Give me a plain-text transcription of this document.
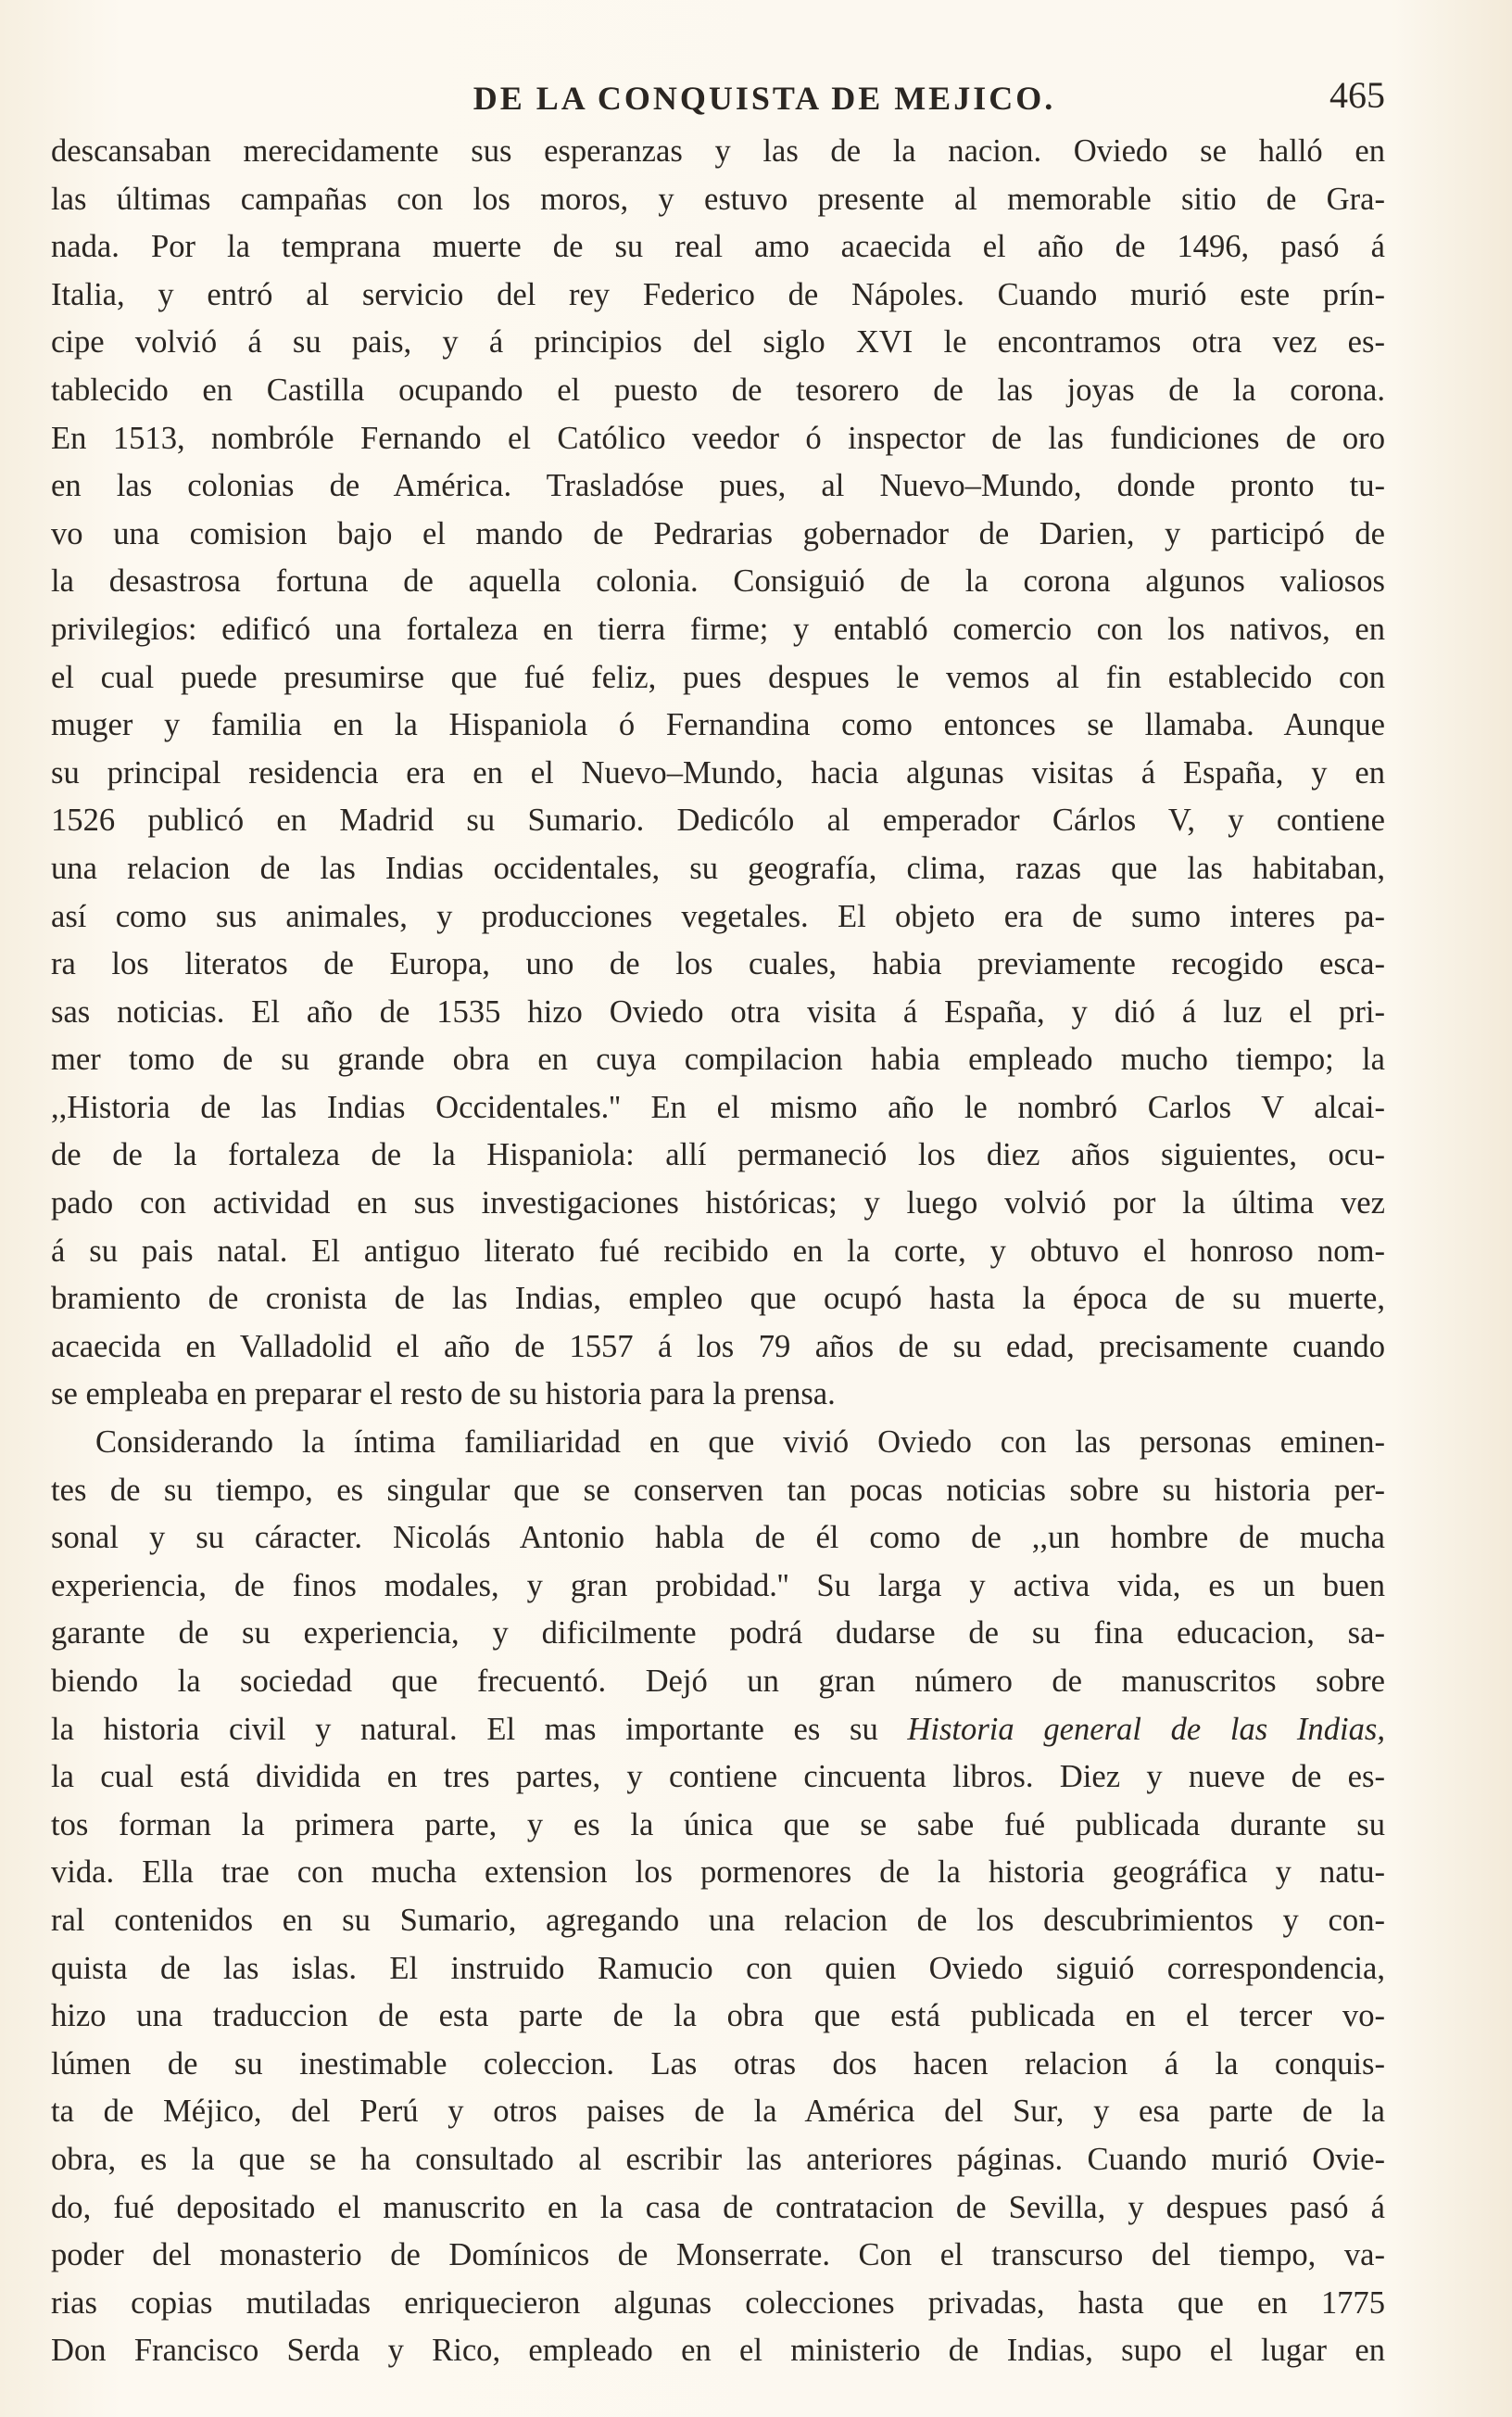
DE LA CONQUISTA DE MEJICO.	465

descansaban merecidamente sus esperanzas y las de la nacion. Oviedo se halló en
las últimas campañas con los moros, y estuvo presente al memorable sitio de Gra-
nada. Por la temprana muerte de su real amo acaecida el año de 1496, pasó á
Italia, y entró al servicio del rey Federico de Nápoles. Cuando murió este prín-
cipe volvió á su pais, y á principios del siglo XVI le encontramos otra vez es-
tablecido en Castilla ocupando el puesto de tesorero de las joyas de la corona.
En 1513, nombróle Fernando el Católico veedor ó inspector de las fundiciones de oro
en las colonias de América. Trasladóse pues, al Nuevo–Mundo, donde pronto tu-
vo una comision bajo el mando de Pedrarias gobernador de Darien, y participó de
la desastrosa fortuna de aquella colonia. Consiguió de la corona algunos valiosos
privilegios: edificó una fortaleza en tierra firme; y entabló comercio con los nativos, en
el cual puede presumirse que fué feliz, pues despues le vemos al fin establecido con
muger y familia en la Hispaniola ó Fernandina como entonces se llamaba. Aunque
su principal residencia era en el Nuevo–Mundo, hacia algunas visitas á España, y en
1526 publicó en Madrid su Sumario. Dedicólo al emperador Cárlos V, y contiene
una relacion de las Indias occidentales, su geografía, clima, razas que las habitaban,
así como sus animales, y producciones vegetales. El objeto era de sumo interes pa-
ra los literatos de Europa, uno de los cuales, habia previamente recogido esca-
sas noticias. El año de 1535 hizo Oviedo otra visita á España, y dió á luz el pri-
mer tomo de su grande obra en cuya compilacion habia empleado mucho tiempo; la
,,Historia de las Indias Occidentales.'' En el mismo año le nombró Carlos V alcai-
de de la fortaleza de la Hispaniola: allí permaneció los diez años siguientes, ocu-
pado con actividad en sus investigaciones históricas; y luego volvió por la última vez
á su pais natal. El antiguo literato fué recibido en la corte, y obtuvo el honroso nom-
bramiento de cronista de las Indias, empleo que ocupó hasta la época de su muerte,
acaecida en Valladolid el año de 1557 á los 79 años de su edad, precisamente cuando
se empleaba en preparar el resto de su historia para la prensa.

Considerando la íntima familiaridad en que vivió Oviedo con las personas eminen-
tes de su tiempo, es singular que se conserven tan pocas noticias sobre su historia per-
sonal y su cáracter. Nicolás Antonio habla de él como de ,,un hombre de mucha
experiencia, de finos modales, y gran probidad.'' Su larga y activa vida, es un buen
garante de su experiencia, y dificilmente podrá dudarse de su fina educacion, sa-
biendo la sociedad que frecuentó. Dejó un gran número de manuscritos sobre
la historia civil y natural. El mas importante es su Historia general de las Indias,
la cual está dividida en tres partes, y contiene cincuenta libros. Diez y nueve de es-
tos forman la primera parte, y es la única que se sabe fué publicada durante su
vida. Ella trae con mucha extension los pormenores de la historia geográfica y natu-
ral contenidos en su Sumario, agregando una relacion de los descubrimientos y con-
quista de las islas. El instruido Ramucio con quien Oviedo siguió correspondencia,
hizo una traduccion de esta parte de la obra que está publicada en el tercer vo-
lúmen de su inestimable coleccion. Las otras dos hacen relacion á la conquis-
ta de Méjico, del Perú y otros paises de la América del Sur, y esa parte de la
obra, es la que se ha consultado al escribir las anteriores páginas. Cuando murió Ovie-
do, fué depositado el manuscrito en la casa de contratacion de Sevilla, y despues pasó á
poder del monasterio de Domínicos de Monserrate. Con el transcurso del tiempo, va-
rias copias mutiladas enriquecieron algunas colecciones privadas, hasta que en 1775
Don Francisco Serda y Rico, empleado en el ministerio de Indias, supo el lugar en
